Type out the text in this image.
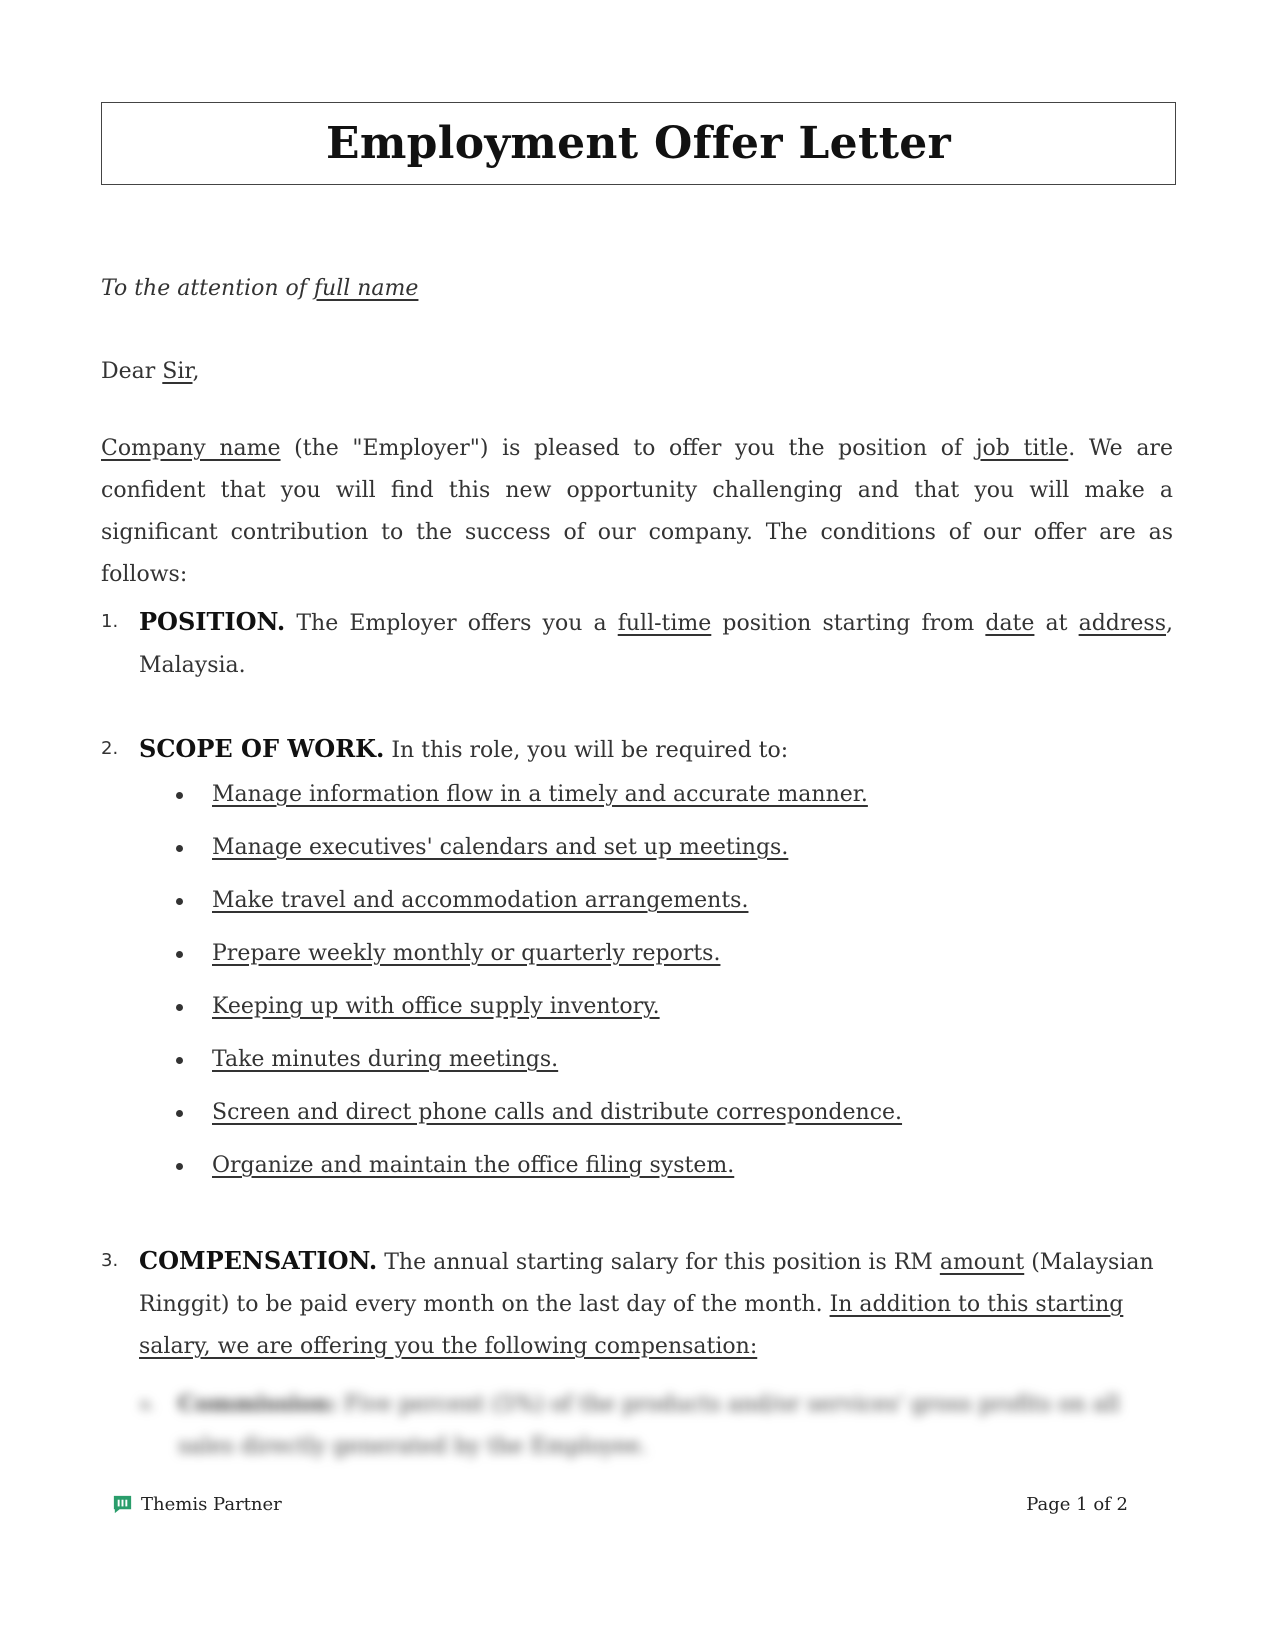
Employment Offer Letter

To the attention of full name

Dear Sir,

Company name (the "Employer") is pleased to offer you the position of job title. We are confident that you will find this new opportunity challenging and that you will make a significant contribution to the success of our company. The conditions of our offer are as follows:

1. POSITION. The Employer offers you a full-time position starting from date at address, Malaysia.
2. SCOPE OF WORK. In this role, you will be required to:
Manage information flow in a timely and accurate manner.
Manage executives' calendars and set up meetings.
Make travel and accommodation arrangements.
Prepare weekly monthly or quarterly reports.
Keeping up with office supply inventory.
Take minutes during meetings.
Screen and direct phone calls and distribute correspondence.
Organize and maintain the office filing system.
3. COMPENSATION. The annual starting salary for this position is RM amount (Malaysian Ringgit) to be paid every month on the last day of the month. In addition to this starting salary, we are offering you the following compensation:
a. Commission: Five percent (5%) of the products and/or services' gross profits on all sales directly generated by the Employee.
Themis Partner	Page 1 of 2
